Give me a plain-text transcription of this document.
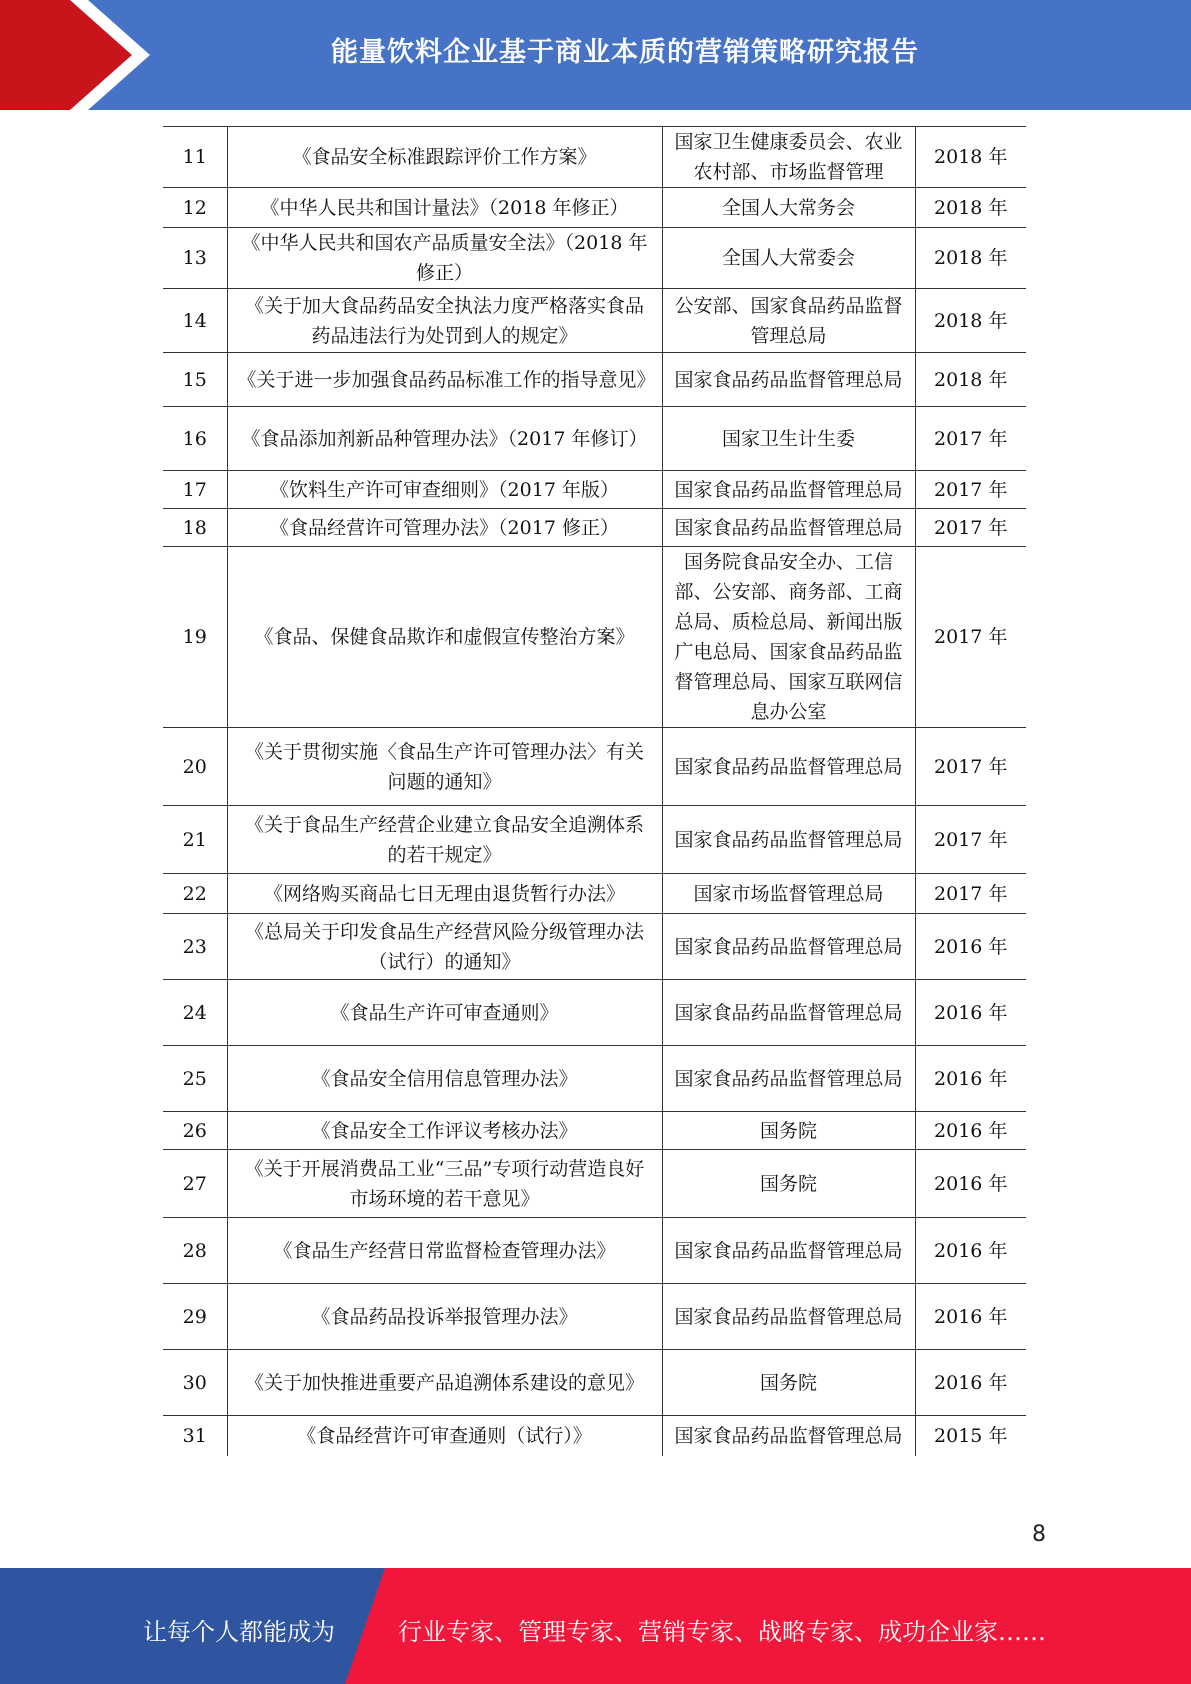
能量饮料企业基于商业本质的营销策略研究报告
11	《食品安全标准跟踪评价工作方案》	国家卫生健康委员会、农业农村部、市场监督管理	2018 年
12	《中华人民共和国计量法》（2018 年修正）	全国人大常务会	2018 年
13	《中华人民共和国农产品质量安全法》（2018 年修正）	全国人大常委会	2018 年
14	《关于加大食品药品安全执法力度严格落实食品药品违法行为处罚到人的规定》	公安部、国家食品药品监督管理总局	2018 年
15	《关于进一步加强食品药品标准工作的指导意见》	国家食品药品监督管理总局	2018 年
16	《食品添加剂新品种管理办法》（2017 年修订）	国家卫生计生委	2017 年
17	《饮料生产许可审查细则》（2017 年版）	国家食品药品监督管理总局	2017 年
18	《食品经营许可管理办法》（2017 修正）	国家食品药品监督管理总局	2017 年
19	《食品、保健食品欺诈和虚假宣传整治方案》	国务院食品安全办、工信部、公安部、商务部、工商总局、质检总局、新闻出版广电总局、国家食品药品监督管理总局、国家互联网信息办公室	2017 年
20	《关于贯彻实施〈食品生产许可管理办法〉有关问题的通知》	国家食品药品监督管理总局	2017 年
21	《关于食品生产经营企业建立食品安全追溯体系的若干规定》	国家食品药品监督管理总局	2017 年
22	《网络购买商品七日无理由退货暂行办法》	国家市场监督管理总局	2017 年
23	《总局关于印发食品生产经营风险分级管理办法（试行）的通知》	国家食品药品监督管理总局	2016 年
24	《食品生产许可审查通则》	国家食品药品监督管理总局	2016 年
25	《食品安全信用信息管理办法》	国家食品药品监督管理总局	2016 年
26	《食品安全工作评议考核办法》	国务院	2016 年
27	《关于开展消费品工业“三品”专项行动营造良好市场环境的若干意见》	国务院	2016 年
28	《食品生产经营日常监督检查管理办法》	国家食品药品监督管理总局	2016 年
29	《食品药品投诉举报管理办法》	国家食品药品监督管理总局	2016 年
30	《关于加快推进重要产品追溯体系建设的意见》	国务院	2016 年
31	《食品经营许可审查通则（试行）》	国家食品药品监督管理总局	2015 年
8
让每个人都能成为	行业专家、管理专家、营销专家、战略专家、成功企业家……
